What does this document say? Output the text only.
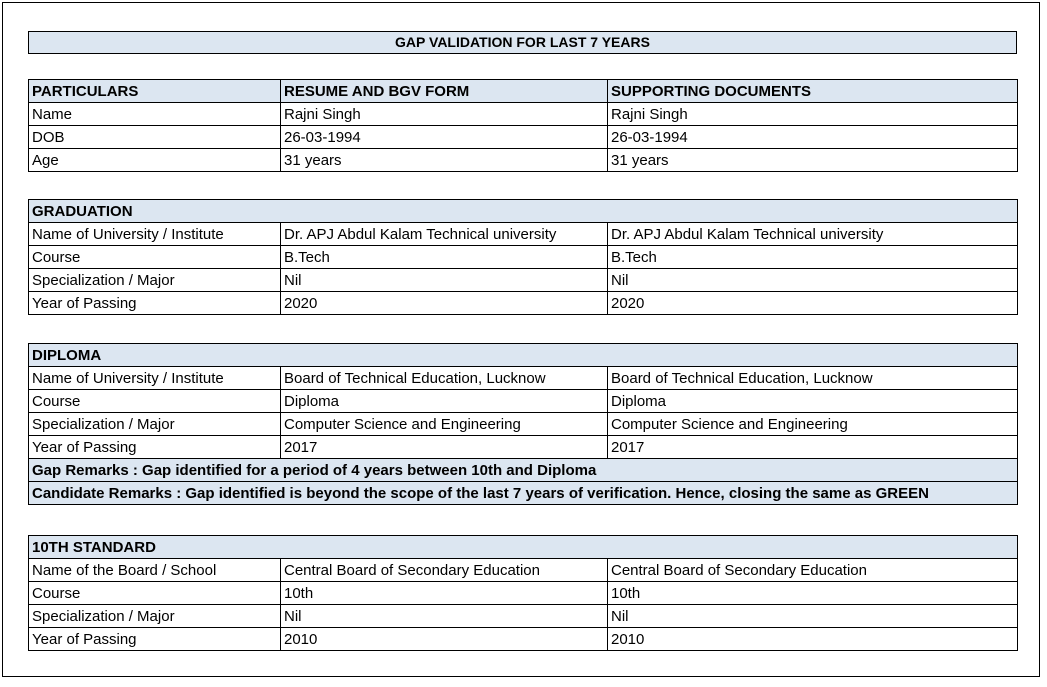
GAP VALIDATION FOR LAST 7 YEARS
PARTICULARS	RESUME AND BGV FORM	SUPPORTING DOCUMENTS
Name	Rajni Singh	Rajni Singh
DOB	26-03-1994	26-03-1994
Age	31 years	31 years
GRADUATION		
Name of University / Institute	Dr. APJ Abdul Kalam Technical university	Dr. APJ Abdul Kalam Technical university
Course	B.Tech	B.Tech
Specialization / Major	Nil	Nil
Year of Passing	2020	2020
DIPLOMA		
Name of University / Institute	Board of Technical Education, Lucknow	Board of Technical Education, Lucknow
Course	Diploma	Diploma
Specialization / Major	Computer Science and Engineering	Computer Science and Engineering
Year of Passing	2017	2017
Gap Remarks : Gap identified for a period of 4 years between 10th and Diploma		
Candidate Remarks : Gap identified is beyond the scope of the last 7 years of verification. Hence, closing the same as GREEN		
10TH STANDARD		
Name of the Board / School	Central Board of Secondary Education	Central Board of Secondary Education
Course	10th	10th
Specialization / Major	Nil	Nil
Year of Passing	2010	2010
